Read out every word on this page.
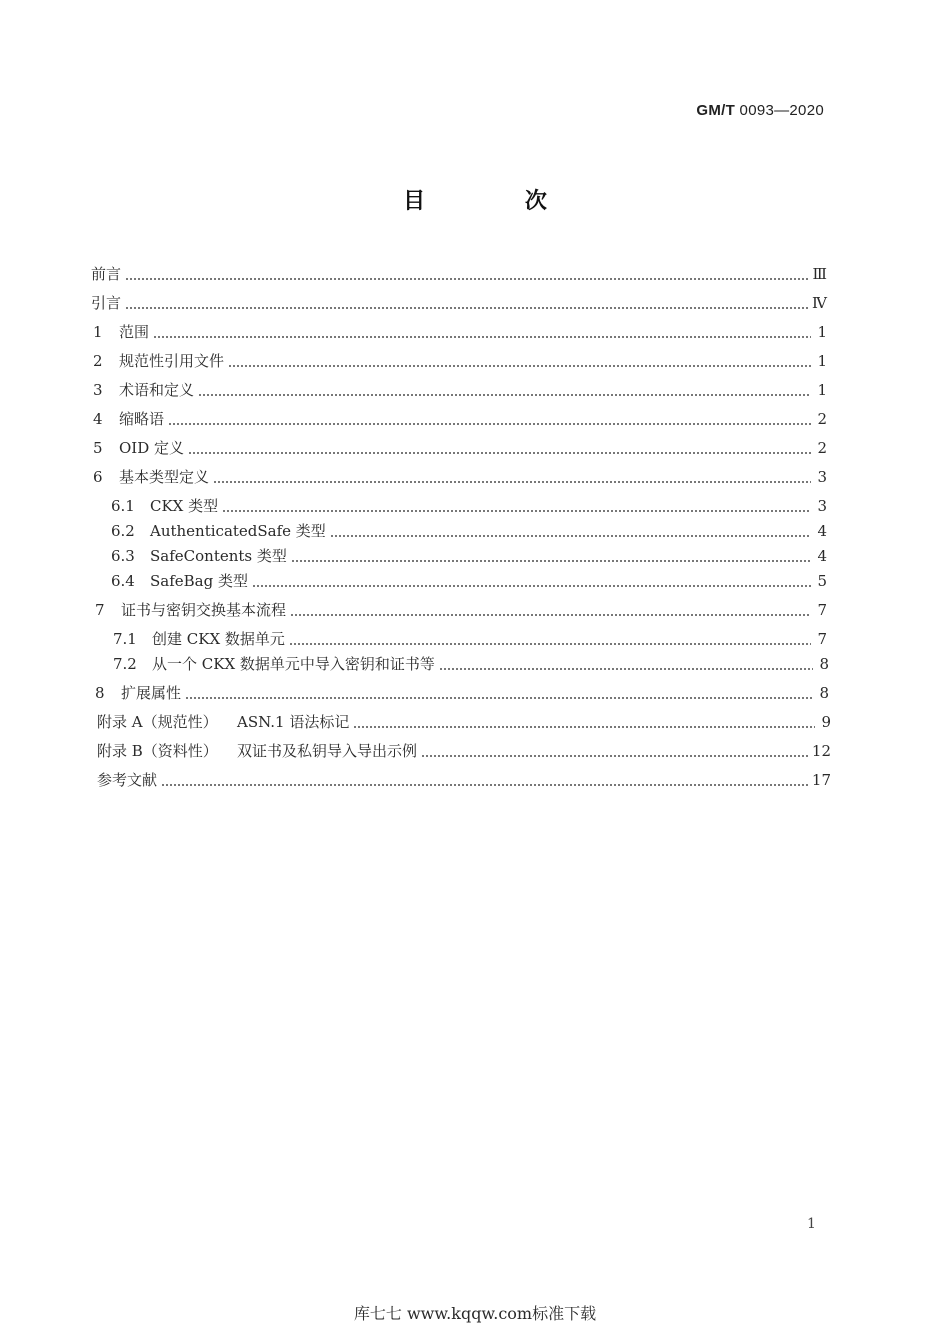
GM/T 0093—2020
目 次
前言	Ⅲ
引言	Ⅳ
1	范围	1
2	规范性引用文件	1
3	术语和定义	1
4	缩略语	2
5	OID 定义	2
6	基本类型定义	3
6.1	CKX 类型	3
6.2	AuthenticatedSafe 类型	4
6.3	SafeContents 类型	4
6.4	SafeBag 类型	5
7	证书与密钥交换基本流程	7
7.1	创建 CKX 数据单元	7
7.2	从一个 CKX 数据单元中导入密钥和证书等	8
8	扩展属性	8
附录 A（规范性）	ASN.1 语法标记	9
附录 B（资料性）	双证书及私钥导入导出示例	12
参考文献	17
1
库七七 www.kqqw.com标准下载
